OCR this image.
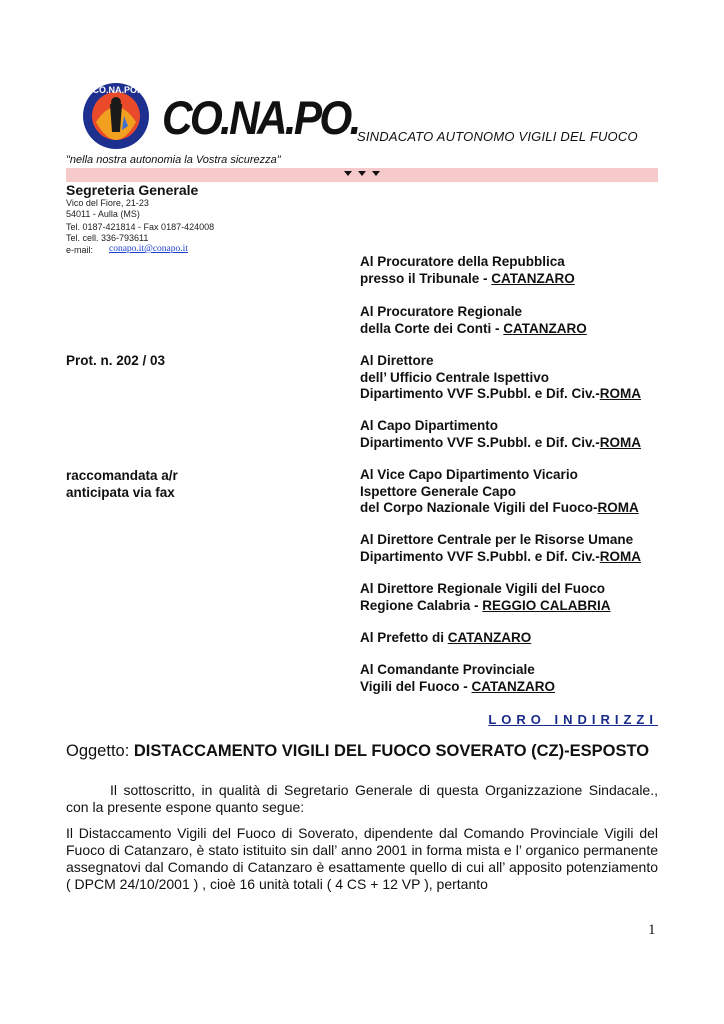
CO.NA.PO.
CO.NA.PO.
SINDACATO AUTONOMO VIGILI DEL FUOCO
"nella nostra autonomia la Vostra sicurezza"
Segreteria Generale
Vico del Fiore, 21-23
54011 - Aulla (MS)
Tel. 0187-421814 - Fax 0187-424008
Tel. cell. 336-793611
e-mail: conapo.it@conapo.it
Prot. n. 202 / 03
raccomandata a/r
anticipata via fax
Al Procuratore della Repubblica
presso il Tribunale - CATANZARO
Al Procuratore Regionale
della Corte dei Conti - CATANZARO
Al Direttore
dell’ Ufficio Centrale Ispettivo
Dipartimento VVF S.Pubbl. e Dif. Civ.-ROMA
Al Capo Dipartimento
Dipartimento VVF S.Pubbl. e Dif. Civ.-ROMA
Al Vice Capo Dipartimento Vicario
Ispettore Generale Capo
del Corpo Nazionale Vigili del Fuoco-ROMA
Al Direttore Centrale per le Risorse Umane
Dipartimento VVF S.Pubbl. e Dif. Civ.-ROMA
Al Direttore Regionale Vigili del Fuoco
Regione Calabria - REGGIO CALABRIA
Al Prefetto di CATANZARO
Al Comandante Provinciale
Vigili del Fuoco - CATANZARO
LORO INDIRIZZI
Oggetto: DISTACCAMENTO VIGILI DEL FUOCO SOVERATO (CZ)-ESPOSTO
Il sottoscritto, in qualità di Segretario Generale di questa Organizzazione Sindacale., con la presente espone quanto segue:
Il Distaccamento Vigili del Fuoco di Soverato, dipendente dal Comando Provinciale Vigili del Fuoco di Catanzaro, è stato istituito sin dall’ anno 2001 in forma mista e l’ organico permanente assegnatovi dal Comando di Catanzaro è esattamente quello di cui all’ apposito potenziamento ( DPCM 24/10/2001 ) , cioè 16 unità totali ( 4 CS + 12 VP ), pertanto
1
